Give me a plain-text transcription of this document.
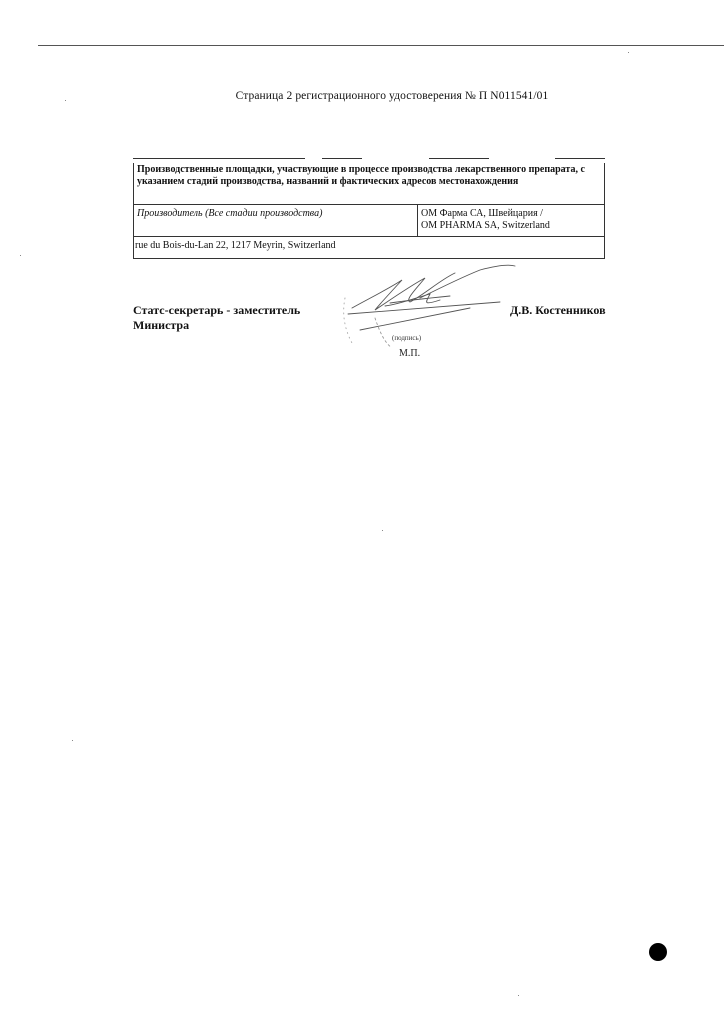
Страница 2 регистрационного удостоверения № П N011541/01
Производственные площадки, участвующие в процессе производства лекарственного препарата, с указанием стадий производства, названий и фактических адресов местонахождения
Производитель (Все стадии производства)	ОМ Фарма СА, Швейцария /
OM PHARMA SA, Switzerland
rue du Bois-du-Lan 22, 1217 Meyrin, Switzerland
Статс-секретарь - заместитель
Министра
Д.В. Костенников
(подпись)
М.П.
